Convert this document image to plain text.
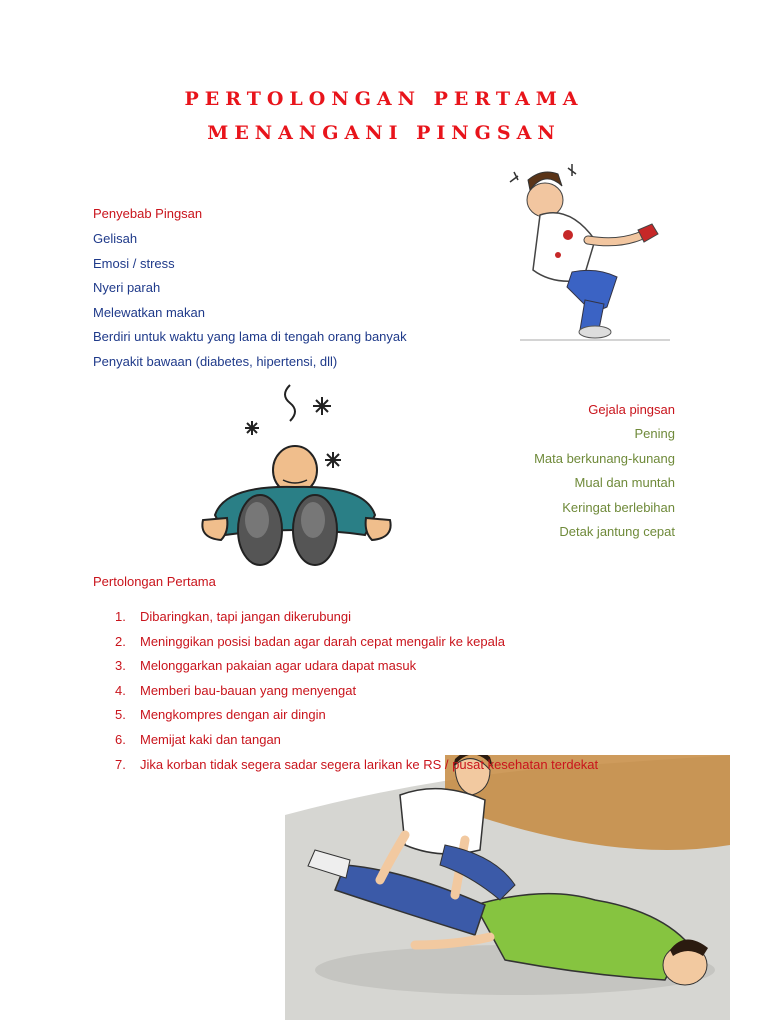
PERTOLONGAN PERTAMA
MENANGANI PINGSAN

Penyebab Pingsan

Gelisah
Emosi / stress
Nyeri parah
Melewatkan makan
Berdiri untuk waktu yang lama di tengah orang banyak
Penyakit bawaan (diabetes, hipertensi, dll)

Gejala pingsan

Pening
Mata berkunang-kunang
Mual dan muntah
Keringat berlebihan
Detak jantung cepat

Pertolongan Pertama

1. Dibaringkan, tapi jangan dikerubungi
2. Meninggikan posisi badan agar darah cepat mengalir ke kepala
3. Melonggarkan pakaian agar udara dapat masuk
4. Memberi bau-bauan yang menyengat
5. Mengkompres dengan air dingin
6. Memijat kaki dan tangan
7. Jika korban tidak segera sadar segera larikan ke RS / pusat kesehatan terdekat
